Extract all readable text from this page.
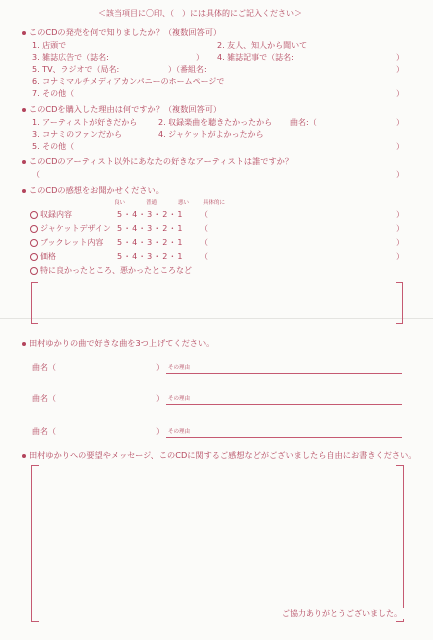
＜該当項目に〇印、（　）には具体的にご記入ください＞
このCDの発売を何で知りましたか？（複数回答可）
1. 店頭で	2. 友人、知人から聞いて
3. 雑誌広告で（誌名:	） 4. 雑誌記事で（誌名:	）
5. TV、ラジオで（局名:	）（番組名:	）
6. コナミマルチメディアカンパニーのホームページで
7. その他（	）
このCDを購入した理由は何ですか？（複数回答可）
1. アーティストが好きだから	2. 収録楽曲を聴きたかったから 曲名:（	）
3. コナミのファンだから	4. ジャケットがよかったから
5. その他（	）
このCDのアーティスト以外にあなたの好きなアーティストは誰ですか？
（	）
このCDの感想をお聞かせください。
良い	普通	悪い	具体的に
収録内容	5・4・3・2・1 （	）
ジャケットデザイン 5・4・3・2・1 （	）
ブックレット内容 5・4・3・2・1 （	）
価格	5・4・3・2・1 （	）
特に良かったところ、悪かったところなど
田村ゆかりの曲で好きな曲を3つ上げてください。
曲名（	） その理由
曲名（	） その理由
曲名（	） その理由
田村ゆかりへの要望やメッセージ、このCDに関するご感想などがございましたら自由にお書きください。
ご協力ありがとうございました。
